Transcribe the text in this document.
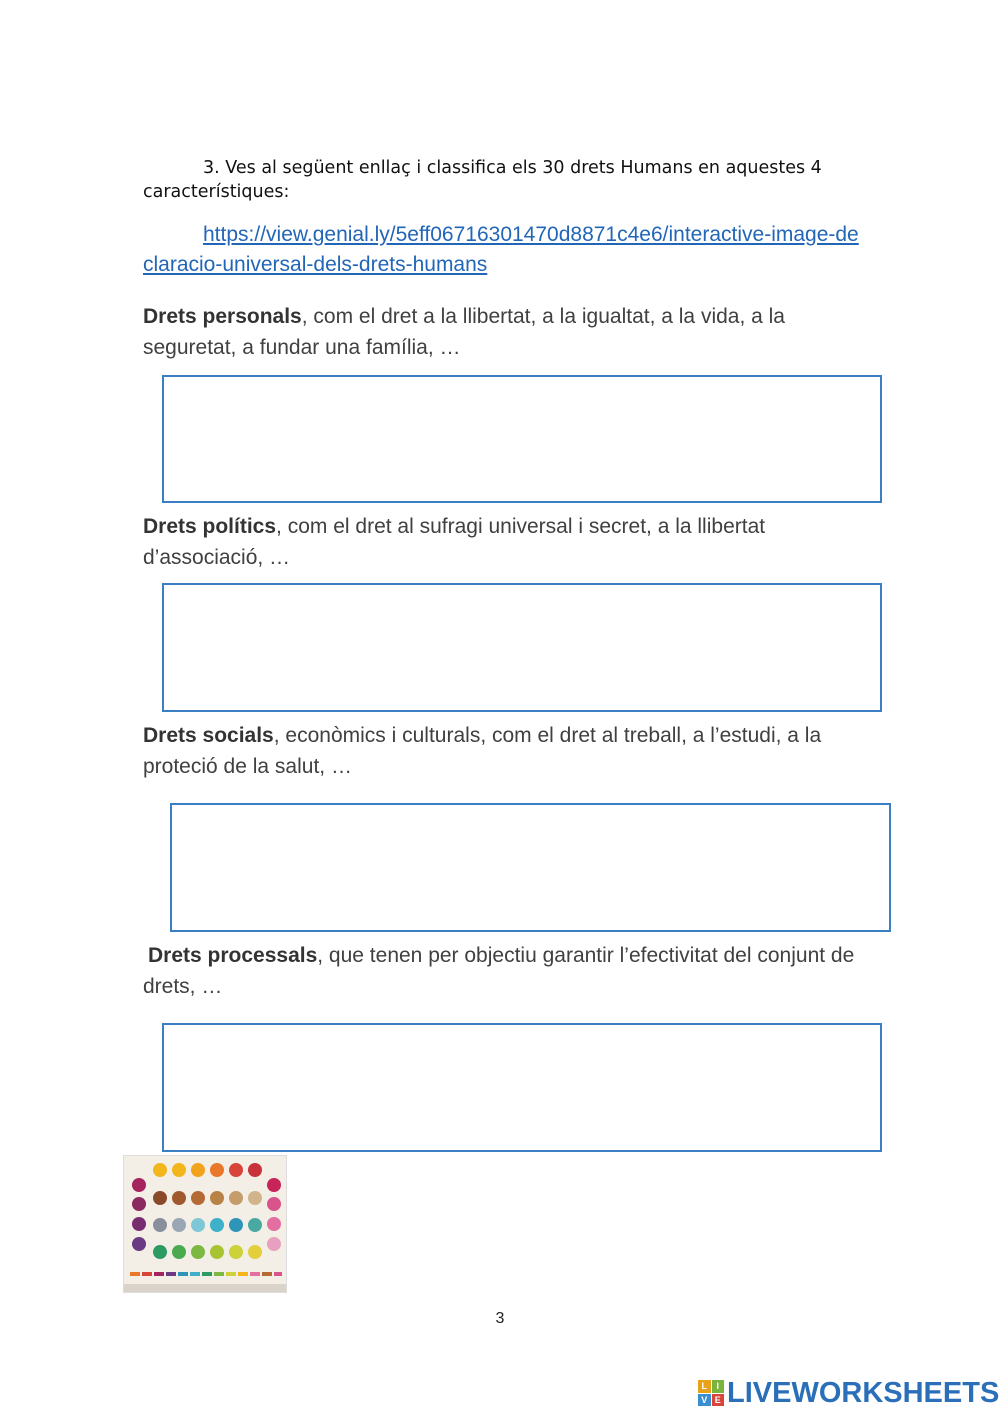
3. Ves al següent enllaç i classifica els 30 drets Humans en aquestes 4 característiques:

https://view.genial.ly/5eff06716301470d8871c4e6/interactive-image-declaracio-universal-dels-drets-humans

Drets personals, com el dret a la llibertat, a la igualtat, a la vida, a la seguretat, a fundar una família, …

Drets polítics, com el dret al sufragi universal i secret, a la llibertat d’associació, …

Drets socials, econòmics i culturals, com el dret al treball, a l’estudi, a la proteció de la salut, …

Drets processals, que tenen per objectiu garantir l’efectivitat del conjunt de drets, …

3
L	I
V E LIVEWORKSHEETS
